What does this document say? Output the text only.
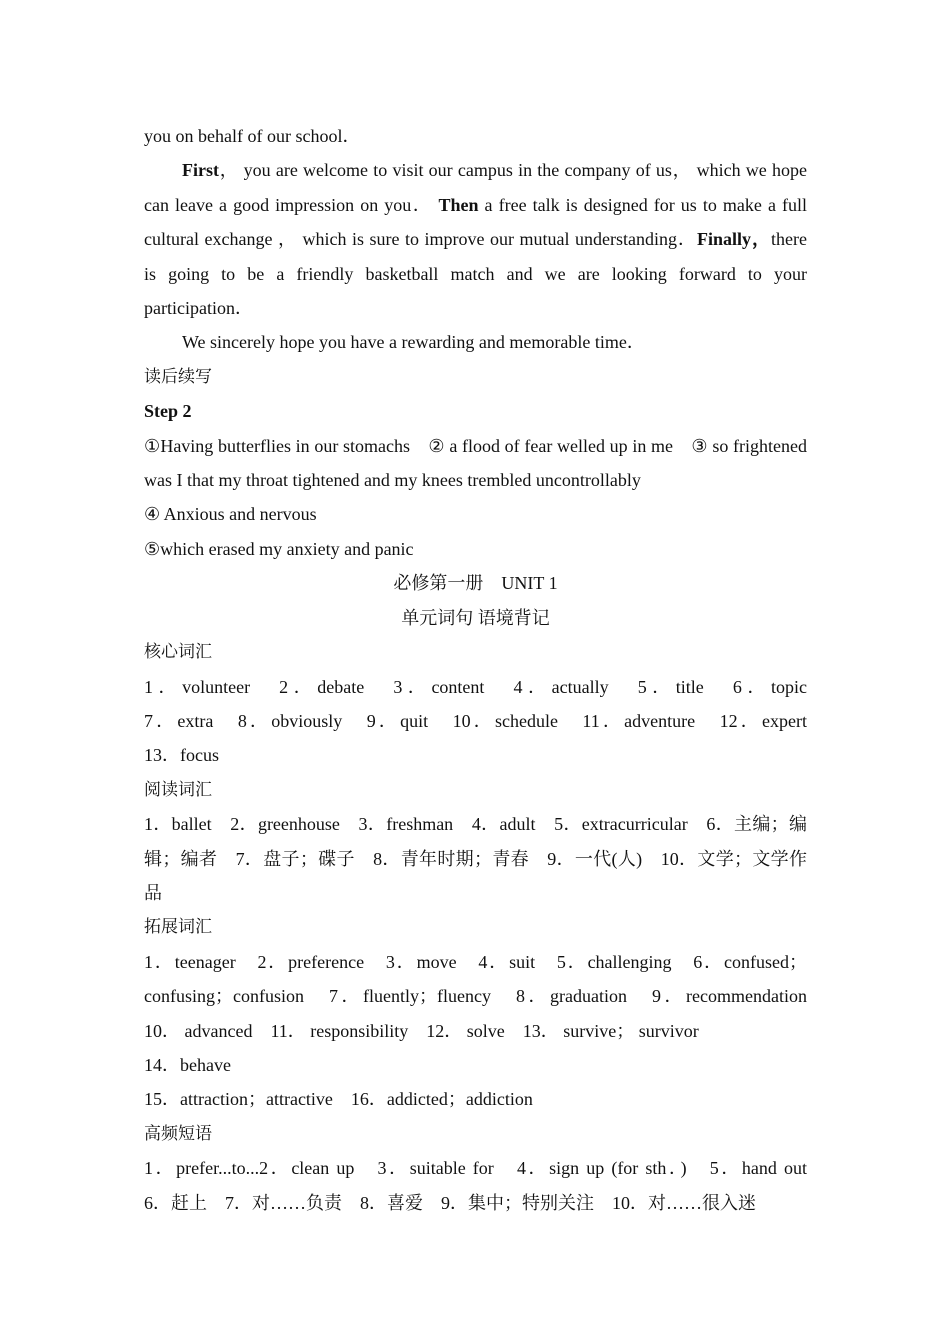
you on behalf of our school．

First， you are welcome to visit our campus in the company of us， which we hope can leave a good impression on you． Then a free talk is designed for us to make a full cultural exchange ， which is sure to improve our mutual understanding．Finally，there is going to be a friendly basketball match and we are looking forward to your participation．

We sincerely hope you have a rewarding and memorable time．

读后续写

Step 2

①Having butterflies in our stomachs　② a flood of fear welled up in me　③ so frightened was I that my throat tightened and my knees trembled uncontrollably

④ Anxious and nervous

⑤which erased my anxiety and panic

必修第一册　UNIT 1

单元词句 语境背记

核心词汇

1．volunteer　2．debate　3．content　4．actually　5．title　6．topic

7．extra　8．obviously　9．quit　10．schedule　11．adventure　12．expert

13．focus

阅读词汇

1．ballet　2．greenhouse　3．freshman　4．adult　5．extracurricular　6．主编；编辑；编者　7．盘子；碟子　8．青年时期；青春　9．一代(人)　10．文学；文学作品

拓展词汇

1．teenager　2．preference　3．move　4．suit　5．challenging　6．confused；confusing；confusion　7．fluently；fluency　8．graduation　9．recommendation　10． advanced　11． responsibility　12． solve　13． survive； survivor

14．behave

15．attraction；attractive　16．addicted；addiction

高频短语

1．prefer...to...2．clean up　3．suitable for　4．sign up (for sth．)　5．hand out

6．赶上　7．对……负责　8．喜爱　9．集中；特别关注　10．对……很入迷
